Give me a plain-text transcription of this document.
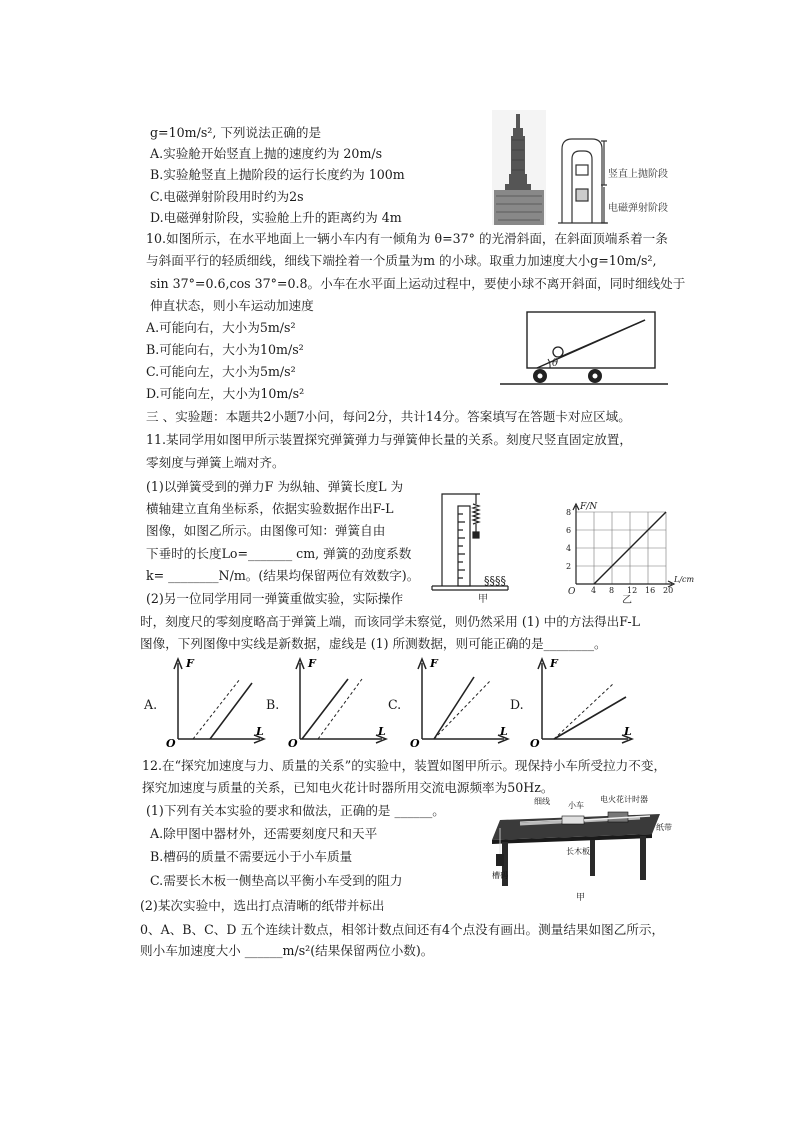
g=10m/s², 下列说法正确的是
A.实验舱开始竖直上抛的速度约为 20m/s
B.实验舱竖直上抛阶段的运行长度约为 100m
C.电磁弹射阶段用时约为2s
D.电磁弹射阶段，实验舱上升的距离约为 4m
竖直上抛阶段
电磁弹射阶段
10.如图所示，在水平地面上一辆小车内有一倾角为 θ=37° 的光滑斜面，在斜面顶端系着一条
与斜面平行的轻质细线，细线下端拴着一个质量为m 的小球。取重力加速度大小g=10m/s²,
sin 37°=0.6,cos 37°=0.8。小车在水平面上运动过程中，要使小球不离开斜面，同时细线处于
伸直状态，则小车运动加速度
A.可能向右，大小为5m/s²
B.可能向右，大小为10m/s²
C.可能向左，大小为5m/s²
D.可能向左，大小为10m/s²
θ
三 、实验题：本题共2小题7小问，每问2分，共计14分。答案填写在答题卡对应区域。
11.某同学用如图甲所示装置探究弹簧弹力与弹簧伸长量的关系。刻度尺竖直固定放置，
零刻度与弹簧上端对齐。
(1)以弹簧受到的弹力F 为纵轴、弹簧长度L 为
横轴建立直角坐标系，依据实验数据作出F-L
图像，如图乙所示。由图像可知：弹簧自由
下垂时的长度Lo=_______ cm, 弹簧的劲度系数
k= ________N/m。(结果均保留两位有效数字)。	§§§§
甲
F/N
L/cm
O
2
4
6
8
4 8 12 16 20
乙
(2)另一位同学用同一弹簧重做实验，实际操作
时，刻度尺的零刻度略高于弹簧上端，而该同学未察觉，则仍然采用 (1) 中的方法得出F-L
图像，下列图像中实线是新数据，虚线是 (1) 所测数据，则可能正确的是________。
A.
F
L
O
B.
F
L
O
C.
F
L
O
D.
F
L
O
12.在“探究加速度与力、质量的关系”的实验中，装置如图甲所示。现保持小车所受拉力不变，
探究加速度与质量的关系，已知电火花计时器所用交流电源频率为50Hz。
(1)下列有关本实验的要求和做法，正确的是 ______。
A.除甲图中器材外，还需要刻度尺和天平
B.槽码的质量不需要远小于小车质量
C.需要长木板一侧垫高以平衡小车受到的阻力
(2)某次实验中，选出打点清晰的纸带并标出
0、A、B、C、D 五个连续计数点，相邻计数点间还有4个点没有画出。测量结果如图乙所示，
则小车加速度大小 ______m/s²(结果保留两位小数)。
细线 小车
电火花计时器
纸带
长木板
槽码
甲
